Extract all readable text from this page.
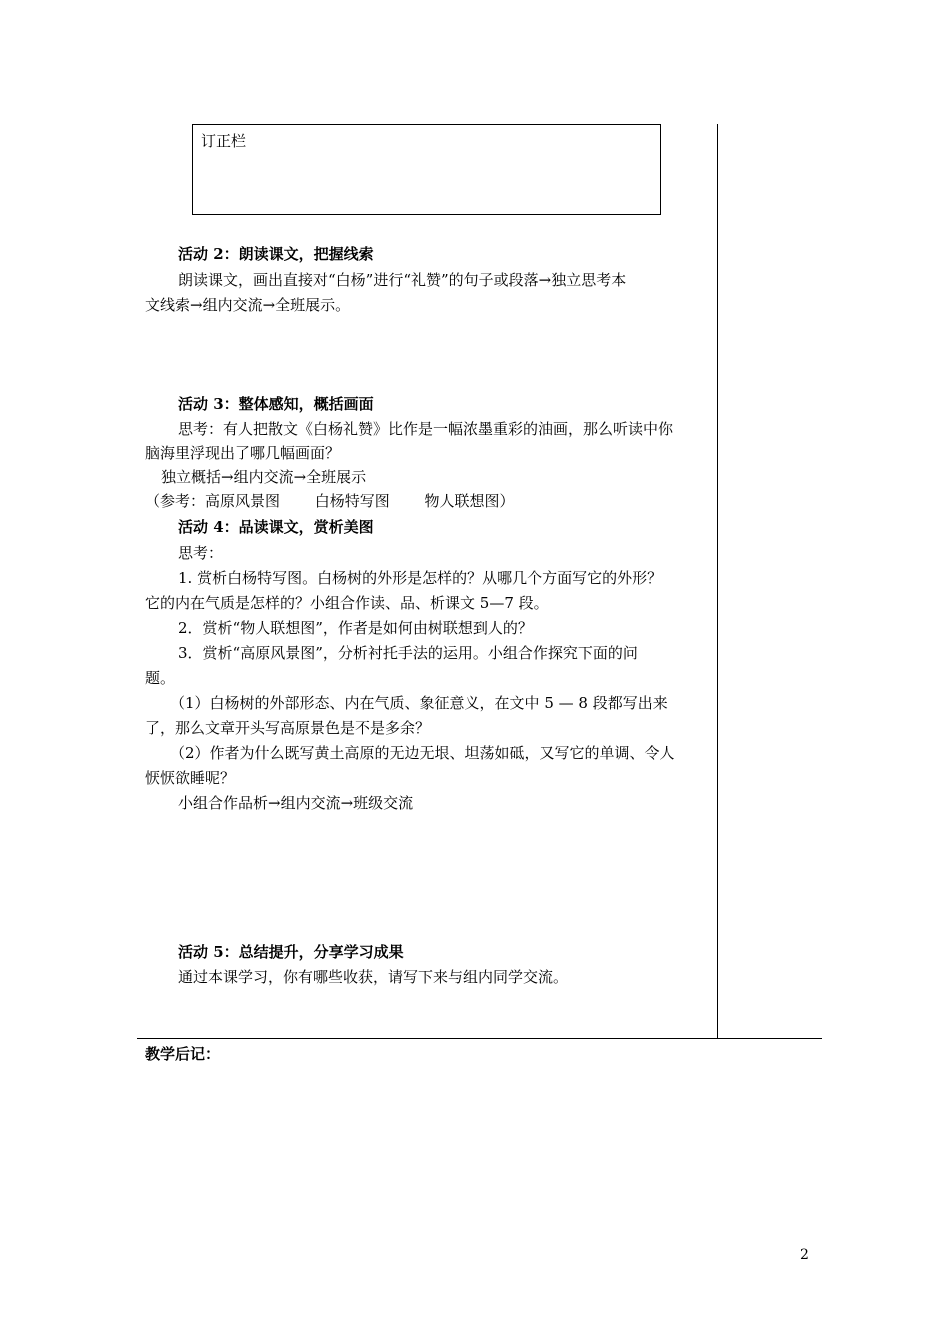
订正栏
活动 2：朗读课文，把握线索
朗读课文，画出直接对“白杨”进行“礼赞”的句子或段落→独立思考本
文线索→组内交流→全班展示。
活动 3：整体感知，概括画面
思考：有人把散文《白杨礼赞》比作是一幅浓墨重彩的油画，那么听读中你
脑海里浮现出了哪几幅画面？
独立概括→组内交流→全班展示
（参考：高原风景图　　 白杨特写图　　 物人联想图）
活动 4：品读课文，赏析美图
思考：
1. 赏析白杨特写图。白杨树的外形是怎样的？从哪几个方面写它的外形？
它的内在气质是怎样的？小组合作读、品、析课文 5—7 段。
2．赏析“物人联想图”，作者是如何由树联想到人的？
3．赏析“高原风景图”，分析衬托手法的运用。小组合作探究下面的问
题。
（1）白杨树的外部形态、内在气质、象征意义，在文中 5 — 8 段都写出来
了，那么文章开头写高原景色是不是多余？
（2）作者为什么既写黄土高原的无边无垠、坦荡如砥，又写它的单调、令人
恹恹欲睡呢？
小组合作品析→组内交流→班级交流
活动 5：总结提升，分享学习成果
通过本课学习，你有哪些收获，请写下来与组内同学交流。
教学后记：
2
